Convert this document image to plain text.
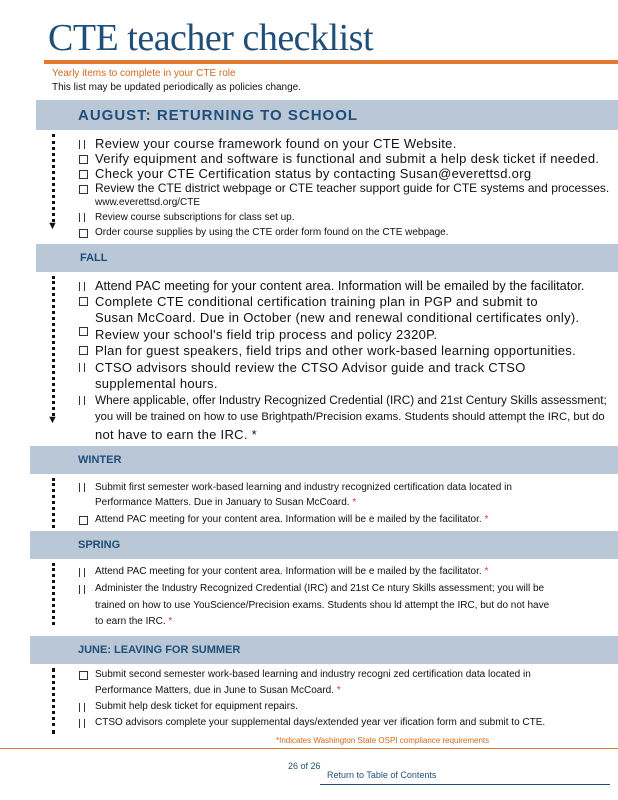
CTE teacher checklist
Yearly items to complete in your CTE role
This list may be updated periodically as policies change.
AUGUST: RETURNING TO SCHOOL
▼
Review your course framework found on your CTE Website.
Verify equipment and software is functional and submit a help desk ticket if needed.
Check your CTE Certification status by contacting Susan@everettsd.org
Review the CTE district webpage or CTE teacher support guide for CTE systems and processes.
www.everettsd.org/CTE
Review course subscriptions for class set up.
Order course supplies by using the CTE order form found on the CTE webpage.
FALL
▼
Attend PAC meeting for your content area. Information will be emailed by the facilitator.
Complete CTE conditional certification training plan in PGP and submit to
Susan McCoard. Due in October (new and renewal conditional certificates only).
Review your school's field trip process and policy 2320P.
Plan for guest speakers, field trips and other work-based learning opportunities.
CTSO advisors should review the CTSO Advisor guide and track CTSO
supplemental hours.
Where applicable, offer Industry Recognized Credential (IRC) and 21st Century Skills assessment;
you will be trained on how to use Brightpath/Precision exams. Students should attempt the IRC, but do
not have to earn the IRC. *
WINTER
Submit first semester work-based learning and industry recognized certification data located in
Performance Matters. Due in January to Susan McCoard. *
Attend PAC meeting for your content area. Information will be e mailed by the facilitator. *
SPRING
Attend PAC meeting for your content area. Information will be e mailed by the facilitator. *
Administer the Industry Recognized Credential (IRC) and 21st Ce ntury Skills assessment; you will be
trained on how to use YouScience/Precision exams. Students shou ld attempt the IRC, but do not have
to earn the IRC. *
JUNE: LEAVING FOR SUMMER
Submit second semester work-based learning and industry recogni zed certification data located in
Performance Matters, due in June to Susan McCoard. *
Submit help desk ticket for equipment repairs.
CTSO advisors complete your supplemental days/extended year ver ification form and submit to CTE.
*Indicates Washington State OSPI compliance requirements
26 of 26
Return to Table of Contents
